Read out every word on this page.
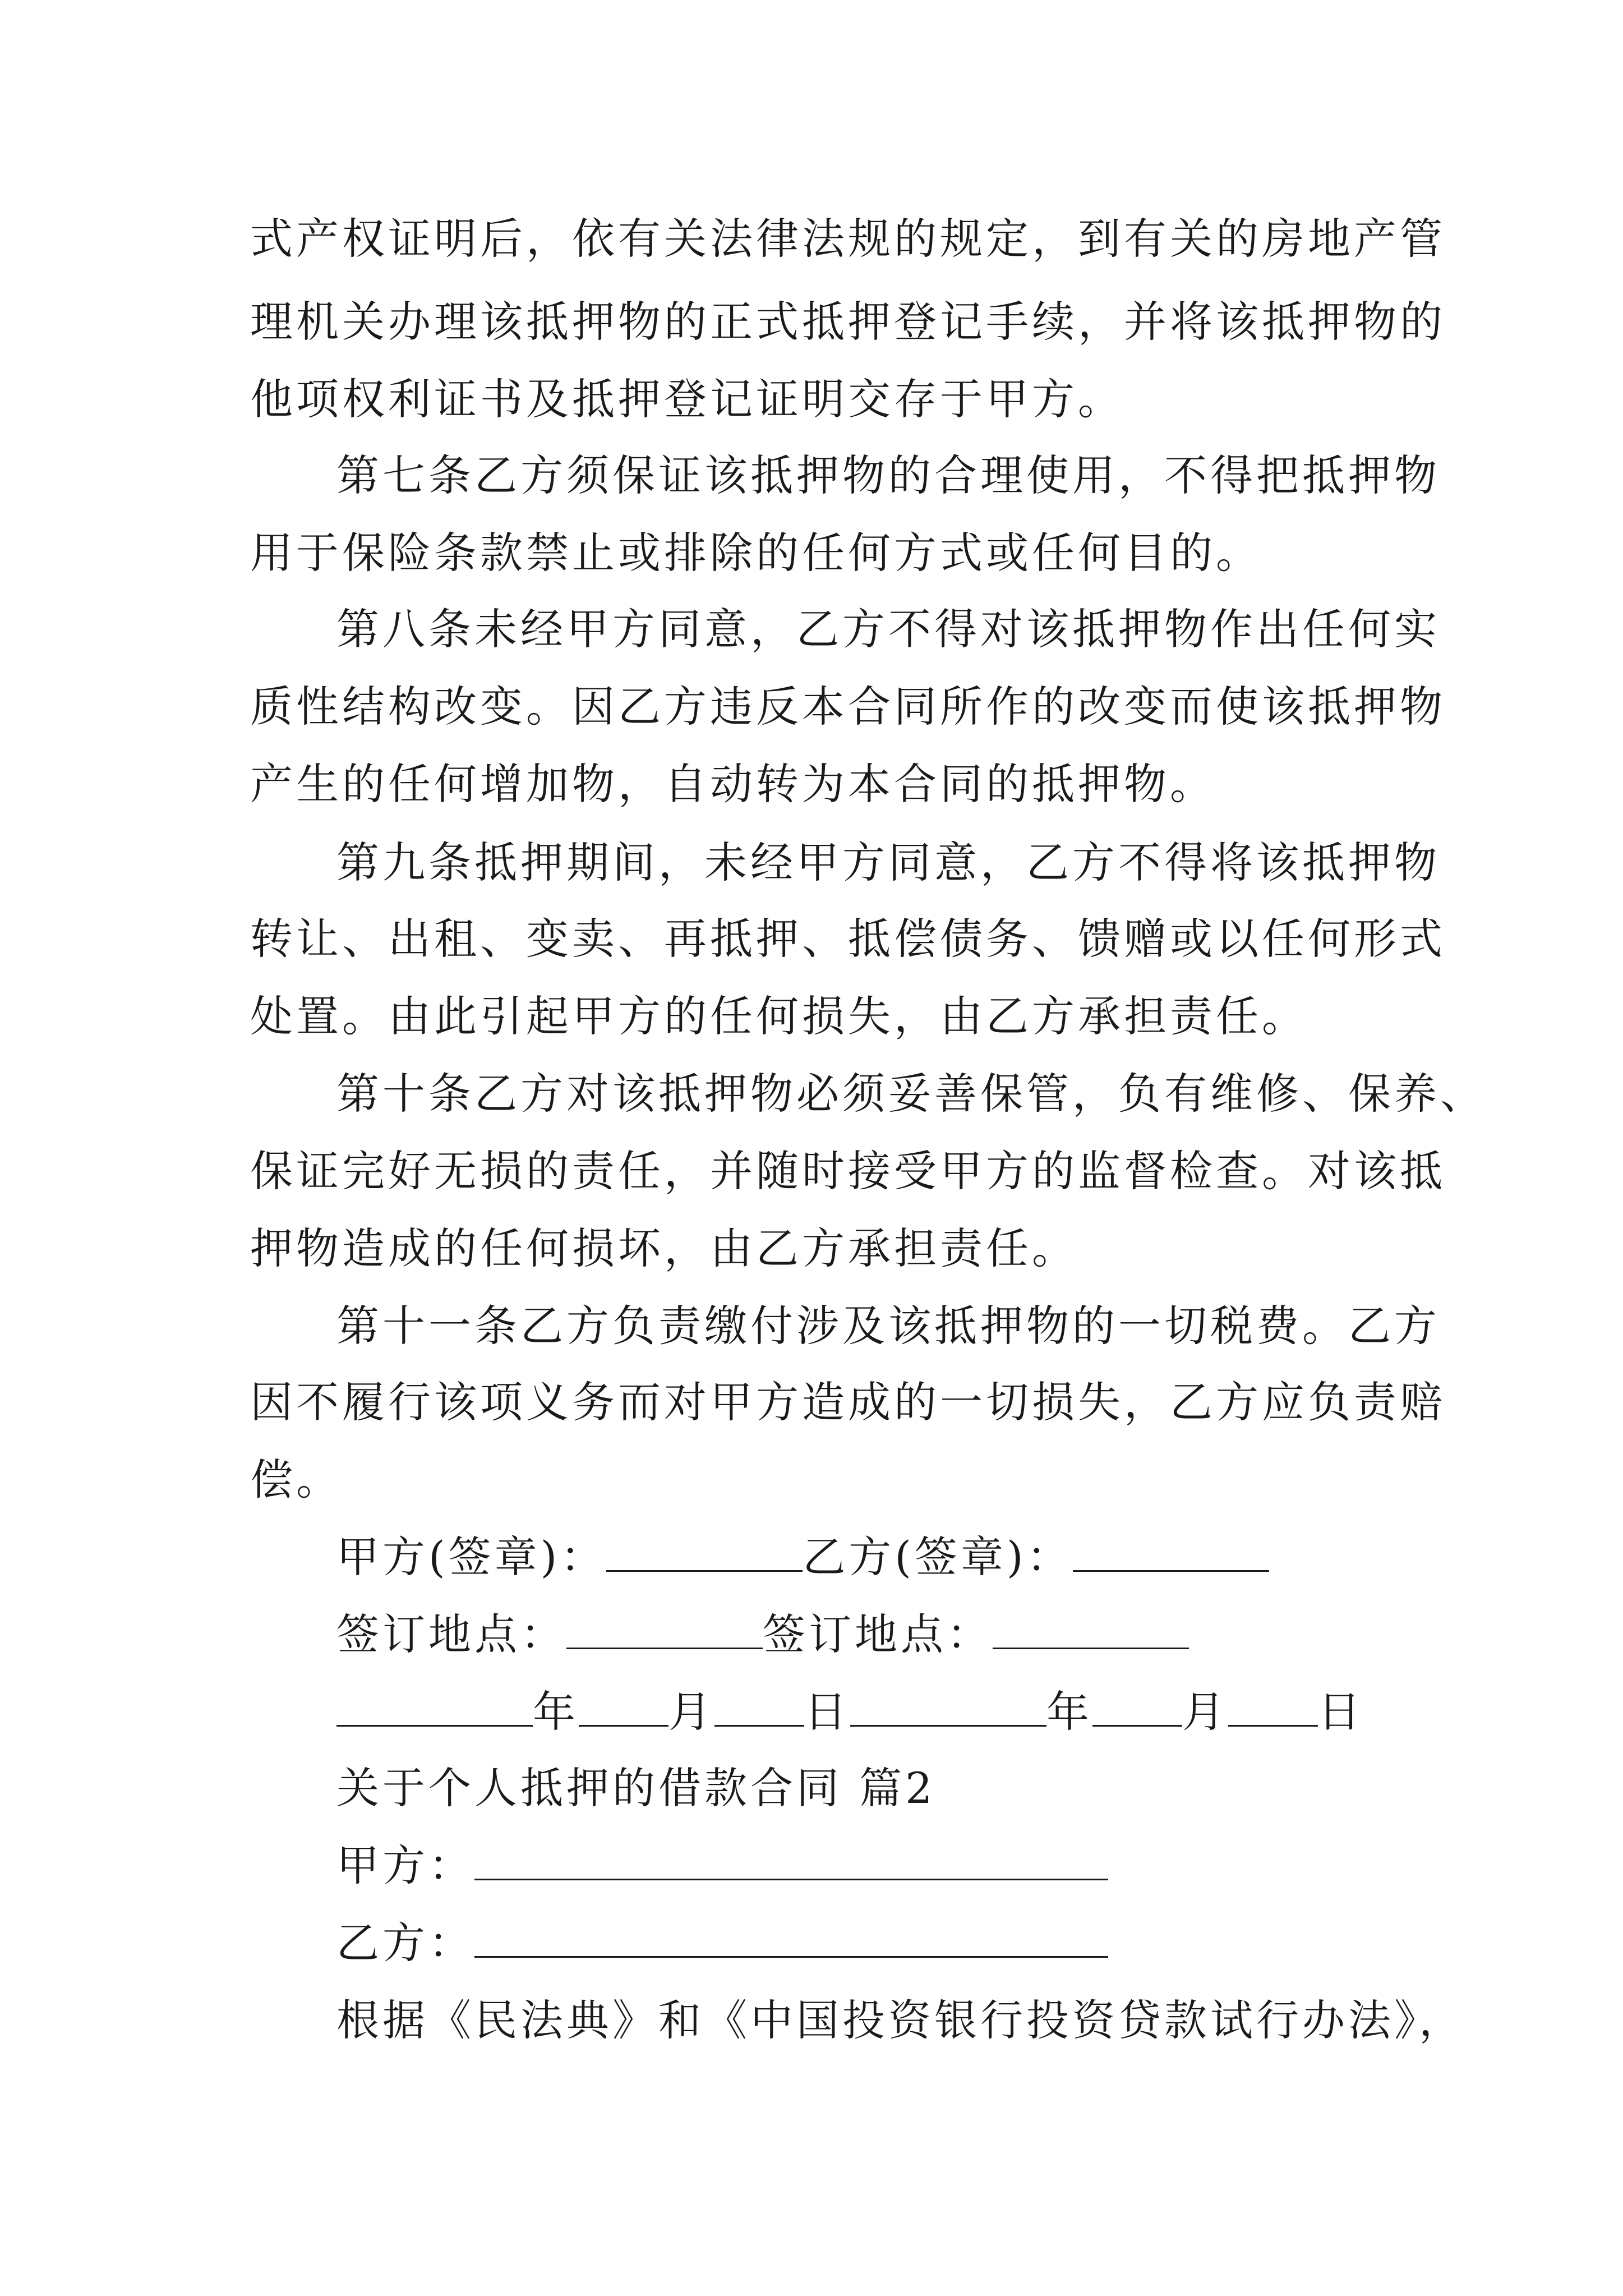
式产权证明后，依有关法律法规的规定，到有关的房地产管
理机关办理该抵押物的正式抵押登记手续，并将该抵押物的
他项权利证书及抵押登记证明交存于甲方。
第七条乙方须保证该抵押物的合理使用，不得把抵押物
用于保险条款禁止或排除的任何方式或任何目的。
第八条未经甲方同意，乙方不得对该抵押物作出任何实
质性结构改变。因乙方违反本合同所作的改变而使该抵押物
产生的任何增加物，自动转为本合同的抵押物。
第九条抵押期间，未经甲方同意，乙方不得将该抵押物
转让、出租、变卖、再抵押、抵偿债务、馈赠或以任何形式
处置。由此引起甲方的任何损失，由乙方承担责任。
第十条乙方对该抵押物必须妥善保管，负有维修、保养、
保证完好无损的责任，并随时接受甲方的监督检查。对该抵
押物造成的任何损坏，由乙方承担责任。
第十一条乙方负责缴付涉及该抵押物的一切税费。乙方
因不履行该项义务而对甲方造成的一切损失，乙方应负责赔
偿。
甲方(签章)：	乙方(签章)：
签订地点：	签订地点：
年 月 日	年 月 日
关于个人抵押的借款合同 篇2
甲方：
乙方：
根据《民法典》和《中国投资银行投资贷款试行办法》，
